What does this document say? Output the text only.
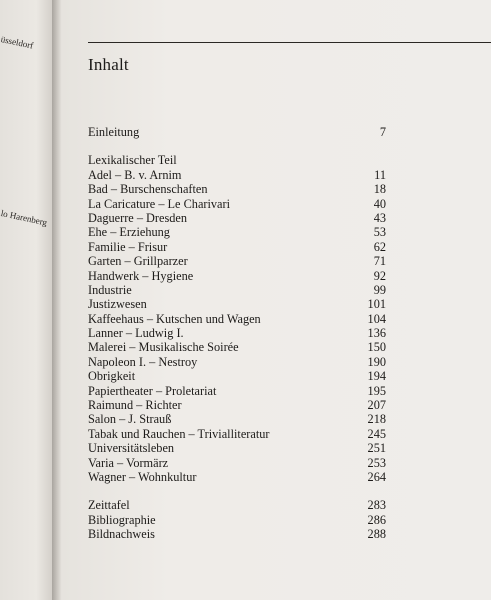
üsseldorf
lo Harenberg
Inhalt
Einleitung	7
Lexikalischer Teil
Adel – B. v. Arnim	11
Bad – Burschenschaften	18
La Caricature – Le Charivari	40
Daguerre – Dresden	43
Ehe – Erziehung	53
Familie – Frisur	62
Garten – Grillparzer	71
Handwerk – Hygiene	92
Industrie	99
Justizwesen	101
Kaffeehaus – Kutschen und Wagen	104
Lanner – Ludwig I.	136
Malerei – Musikalische Soirée	150
Napoleon I. – Nestroy	190
Obrigkeit	194
Papiertheater – Proletariat	195
Raimund – Richter	207
Salon – J. Strauß	218
Tabak und Rauchen – Trivialliteratur	245
Universitätsleben	251
Varia – Vormärz	253
Wagner – Wohnkultur	264
Zeittafel	283
Bibliographie	286
Bildnachweis	288
